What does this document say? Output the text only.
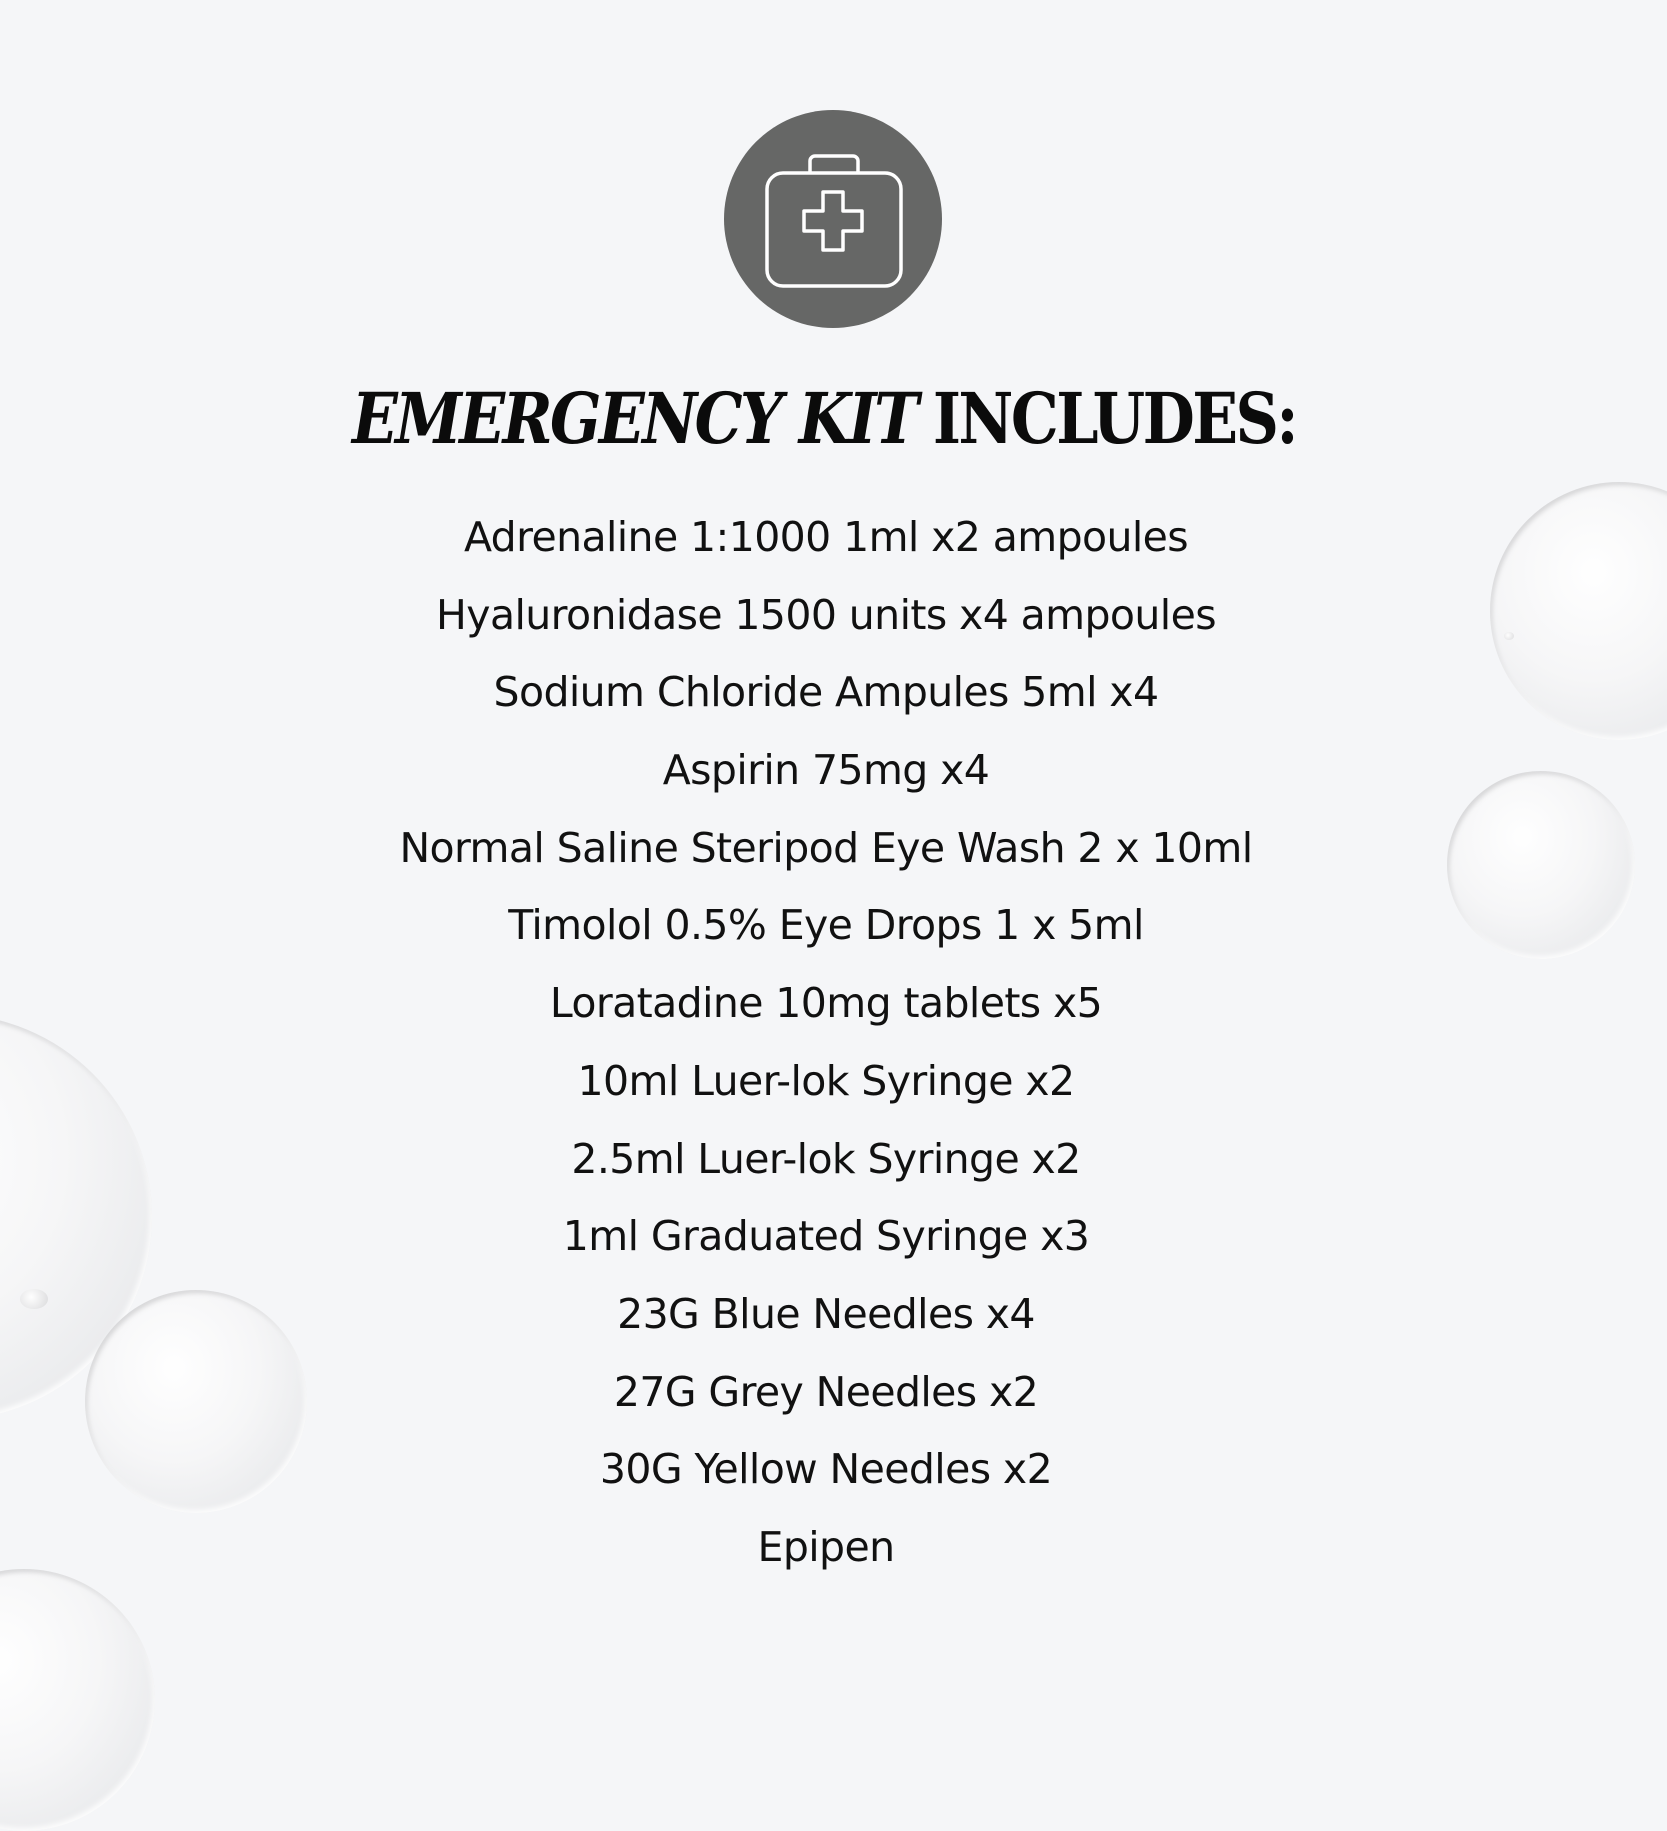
EMERGENCY KIT INCLUDES:
Adrenaline 1:1000 1ml x2 ampoules
Hyaluronidase 1500 units x4 ampoules
Sodium Chloride Ampules 5ml x4
Aspirin 75mg x4
Normal Saline Steripod Eye Wash 2 x 10ml
Timolol 0.5% Eye Drops 1 x 5ml
Loratadine 10mg tablets x5
10ml Luer-lok Syringe x2
2.5ml Luer-lok Syringe x2
1ml Graduated Syringe x3
23G Blue Needles x4
27G Grey Needles x2
30G Yellow Needles x2
Epipen
